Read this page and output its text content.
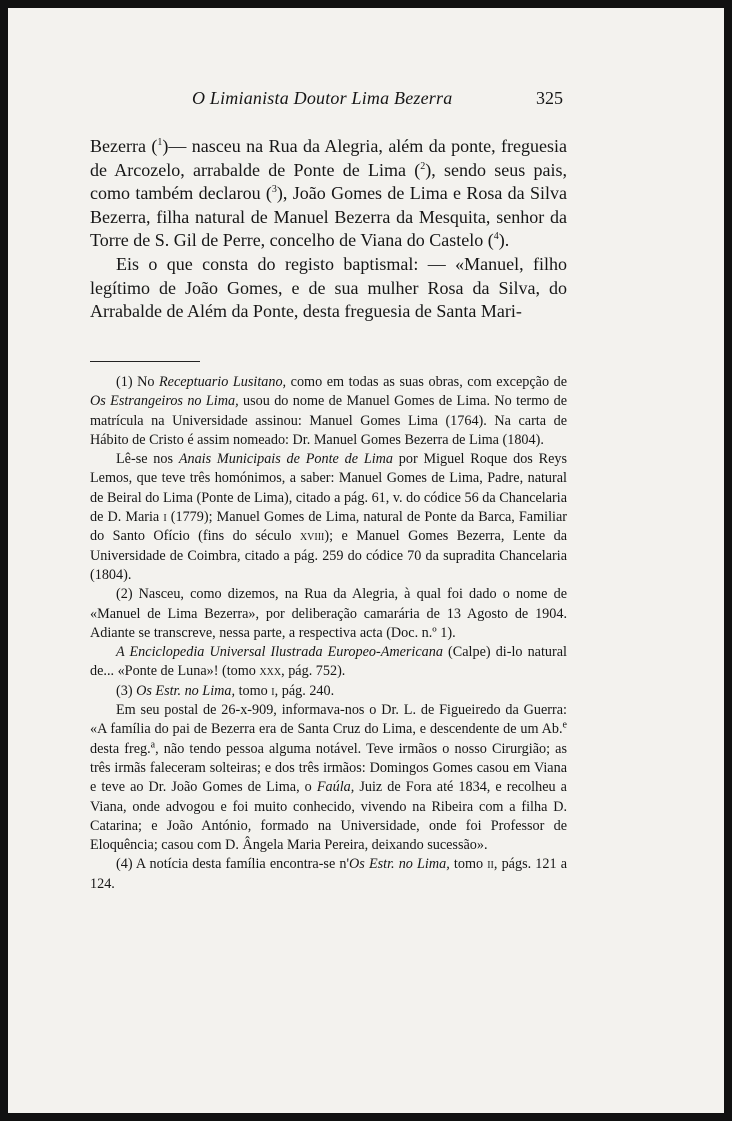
O Limianista Doutor Lima Bezerra	325

Bezerra ($^1$)— nasceu na Rua da Alegria, além da ponte, freguesia de Arcozelo, arrabalde de Ponte de Lima ($^2$), sendo seus pais, como também declarou ($^3$), João Gomes de Lima e Rosa da Silva Bezerra, filha natural de Manuel Bezerra da Mesquita, senhor da Torre de S. Gil de Perre, concelho de Viana do Castelo ($^4$).

Eis o que consta do registo baptismal: — «Manuel, filho legítimo de João Gomes, e de sua mulher Rosa da Silva, do Arrabalde de Além da Ponte, desta freguesia de Santa Mari-

(1) No Receptuario Lusitano, como em todas as suas obras, com excepção de Os Estrangeiros no Lima, usou do nome de Manuel Gomes de Lima. No termo de matrícula na Universidade assinou: Manuel Gomes Lima (1764). Na carta de Hábito de Cristo é assim nomeado: Dr. Manuel Gomes Bezerra de Lima (1804).

Lê-se nos Anais Municipais de Ponte de Lima por Miguel Roque dos Reys Lemos, que teve três homónimos, a saber: Manuel Gomes de Lima, Padre, natural de Beiral do Lima (Ponte de Lima), citado a pág. 61, v. do códice 56 da Chancelaria de D. Maria i (1779); Manuel Gomes de Lima, natural de Ponte da Barca, Familiar do Santo Ofício (fins do século xviii); e Manuel Gomes Bezerra, Lente da Universidade de Coimbra, citado a pág. 259 do códice 70 da supradita Chancelaria (1804).

(2) Nasceu, como dizemos, na Rua da Alegria, à qual foi dado o nome de «Manuel de Lima Bezerra», por deliberação camarária de 13 Agosto de 1904. Adiante se transcreve, nessa parte, a respectiva acta (Doc. n.º 1).

A Enciclopedia Universal Ilustrada Europeo-Americana (Calpe) di-lo natural de... «Ponte de Luna»! (tomo xxx, pág. 752).

(3) Os Estr. no Lima, tomo i, pág. 240.

Em seu postal de 26-x-909, informava-nos o Dr. L. de Figueiredo da Guerra: «A família do pai de Bezerra era de Santa Cruz do Lima, e descendente de um Ab.$^e$ desta freg.$^a$, não tendo pessoa alguma notável. Teve irmãos o nosso Cirurgião; as três irmãs faleceram solteiras; e dos três irmãos: Domingos Gomes casou em Viana e teve ao Dr. João Gomes de Lima, o Faúla, Juiz de Fora até 1834, e recolheu a Viana, onde advogou e foi muito conhecido, vivendo na Ribeira com a filha D. Catarina; e João António, formado na Universidade, onde foi Professor de Eloquência; casou com D. Ângela Maria Pereira, deixando sucessão».

(4) A notícia desta família encontra-se n'Os Estr. no Lima, tomo ii, págs. 121 a 124.
